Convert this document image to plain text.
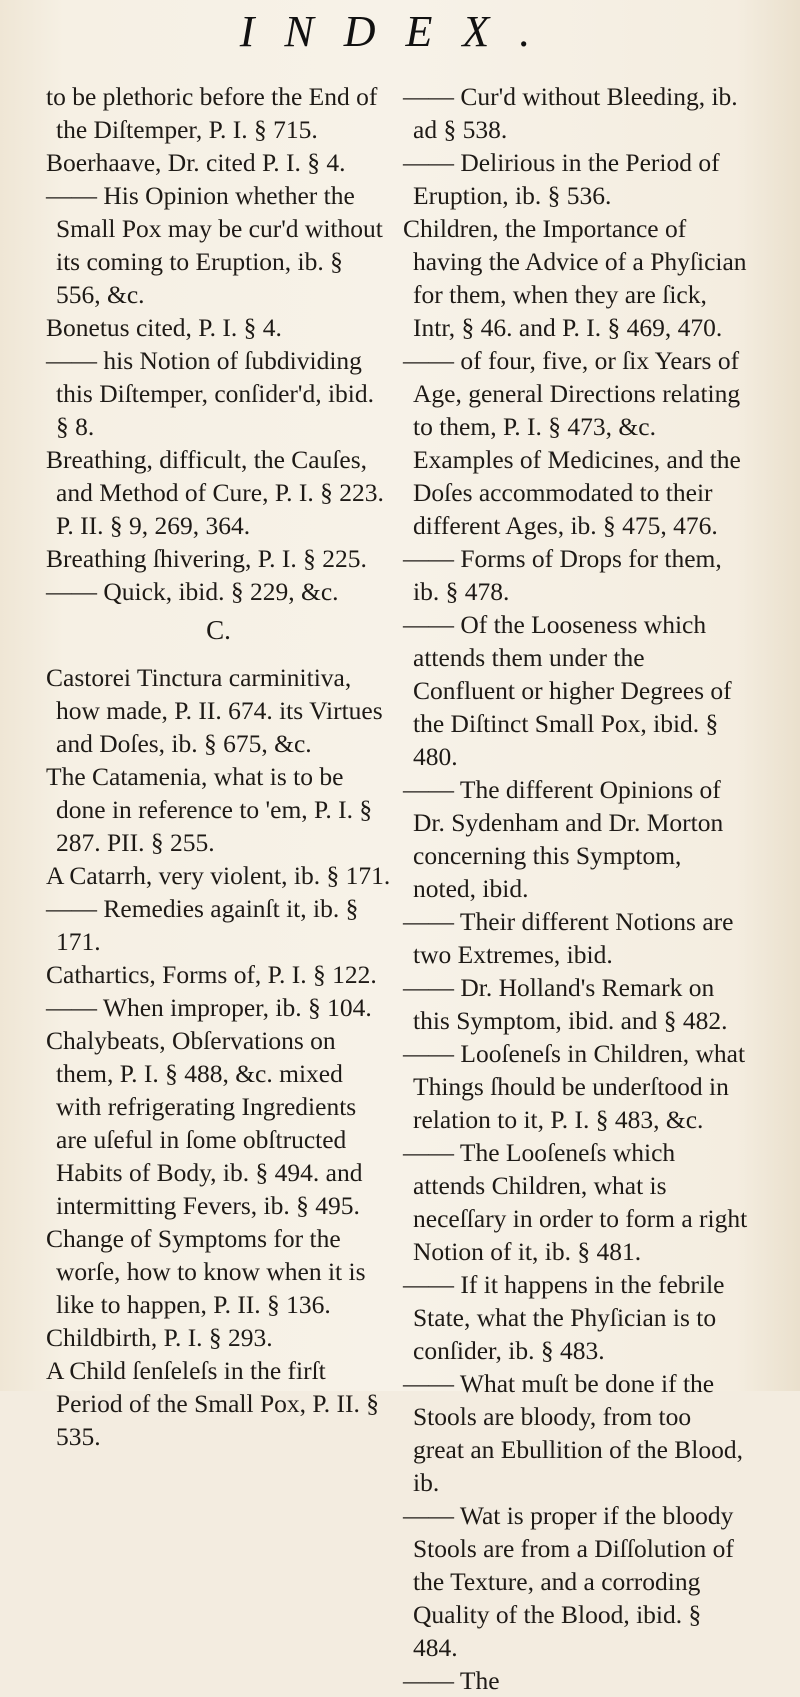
INDEX.

to be plethoric before the End of the Diſtemper, P. I. § 715.

Boerhaave, Dr. cited P. I. § 4.

—— His Opinion whether the Small Pox may be cur'd without its coming to Eruption, ib. § 556, &c.

Bonetus cited, P. I. § 4.

—— his Notion of ſubdividing this Diſtemper, conſider'd, ibid. § 8.

Breathing, difficult, the Cauſes, and Method of Cure, P. I. § 223. P. II. § 9, 269, 364.

Breathing ſhivering, P. I. § 225.

—— Quick, ibid. § 229, &c.

C.

Castorei Tinctura carminitiva, how made, P. II. 674. its Virtues and Doſes, ib. § 675, &c.

The Catamenia, what is to be done in reference to 'em, P. I. § 287. PII. § 255.

A Catarrh, very violent, ib. § 171.

—— Remedies againſt it, ib. § 171.

Cathartics, Forms of, P. I. § 122.

—— When improper, ib. § 104.

Chalybeats, Obſervations on them, P. I. § 488, &c. mixed with refrigerating Ingredients are uſeful in ſome obſtructed Habits of Body, ib. § 494. and intermitting Fevers, ib. § 495.

Change of Symptoms for the worſe, how to know when it is like to happen, P. II. § 136.

Childbirth, P. I. § 293.

A Child ſenſeleſs in the firſt Period of the Small Pox, P. II. § 535.

—— Cur'd without Bleeding, ib. ad § 538.

—— Delirious in the Period of Eruption, ib. § 536.

Children, the Importance of having the Advice of a Phyſician for them, when they are ſick, Intr, § 46. and P. I. § 469, 470.

—— of four, five, or ſix Years of Age, general Directions relating to them, P. I. § 473, &c. Examples of Medicines, and the Doſes accommodated to their different Ages, ib. § 475, 476.

—— Forms of Drops for them, ib. § 478.

—— Of the Looseness which attends them under the Confluent or higher Degrees of the Diſtinct Small Pox, ibid. § 480.

—— The different Opinions of Dr. Sydenham and Dr. Morton concerning this Symptom, noted, ibid.

—— Their different Notions are two Extremes, ibid.

—— Dr. Holland's Remark on this Symptom, ibid. and § 482.

—— Looſeneſs in Children, what Things ſhould be underſtood in relation to it, P. I. § 483, &c.

—— The Looſeneſs which attends Children, what is neceſſary in order to form a right Notion of it, ib. § 481.

—— If it happens in the febrile State, what the Phyſician is to conſider, ib. § 483.

—— What muſt be done if the Stools are bloody, from too great an Ebullition of the Blood, ib.

—— Wat is proper if the bloody Stools are from a Diſſolution of the Texture, and a corroding Quality of the Blood, ibid. § 484.

—— The
